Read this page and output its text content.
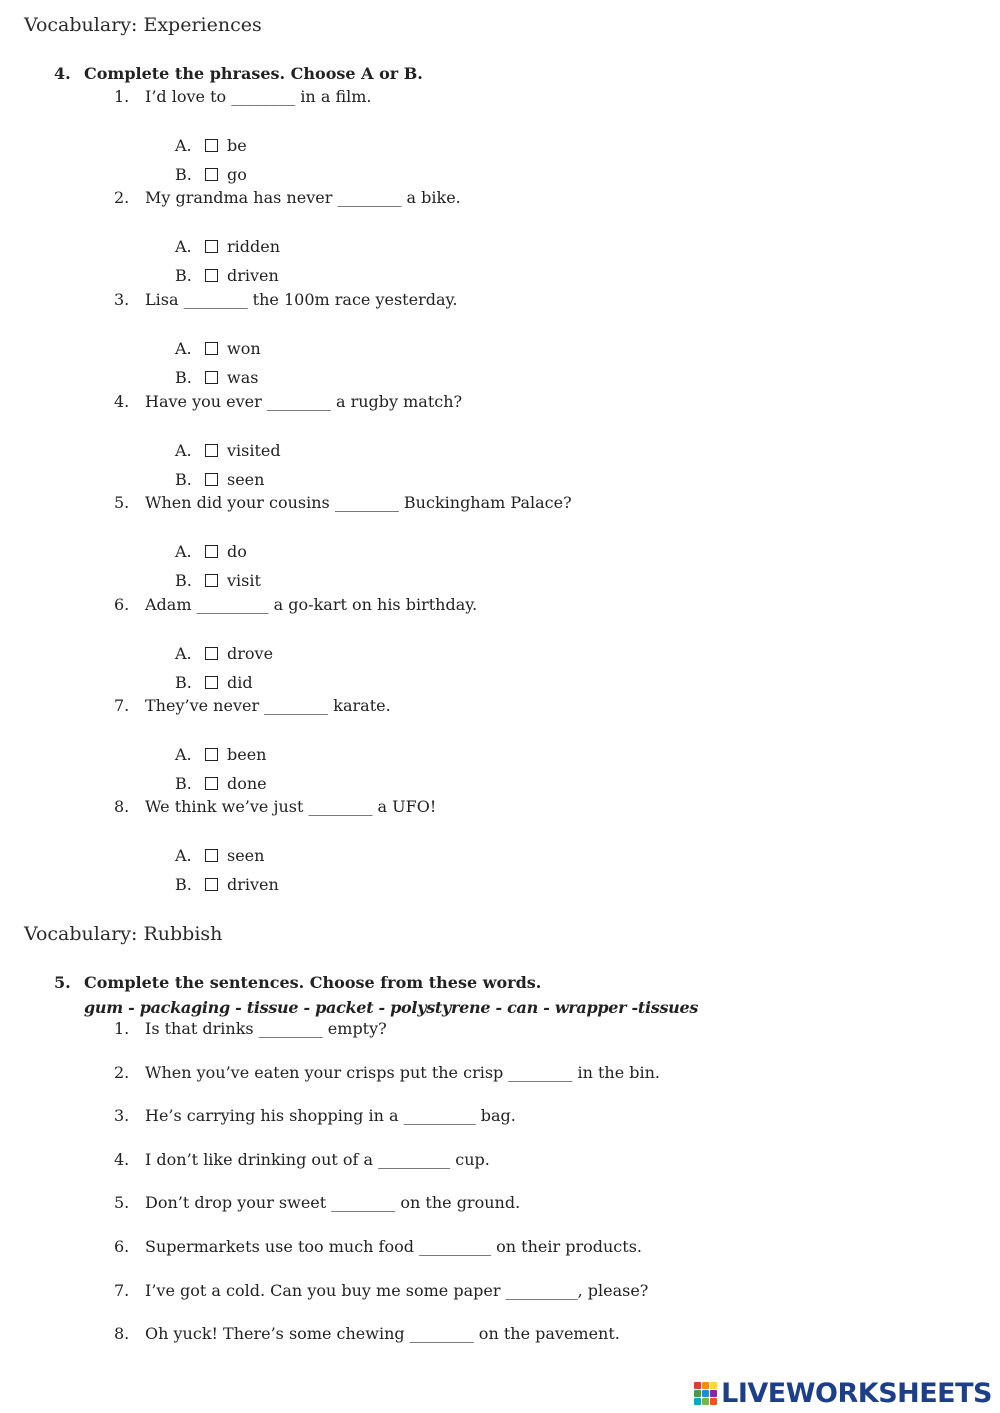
Vocabulary: Experiences
4. Complete the phrases. Choose A or B.
1. I’d love to ________ in a film.
A. be
B. go
2. My grandma has never ________ a bike.
A. ridden
B. driven
3. Lisa ________ the 100m race yesterday.
A. won
B. was
4. Have you ever ________ a rugby match?
A. visited
B. seen
5. When did your cousins ________ Buckingham Palace?
A. do
B. visit
6. Adam _________ a go-kart on his birthday.
A. drove
B. did
7. They’ve never ________ karate.
A. been
B. done
8. We think we’ve just ________ a UFO!
A. seen
B. driven
Vocabulary: Rubbish
5. Complete the sentences. Choose from these words.
gum - packaging - tissue - packet - polystyrene - can - wrapper -tissues
1. Is that drinks ________ empty?
2. When you’ve eaten your crisps put the crisp ________ in the bin.
3. He’s carrying his shopping in a _________ bag.
4. I don’t like drinking out of a _________ cup.
5. Don’t drop your sweet ________ on the ground.
6. Supermarkets use too much food _________ on their products.
7. I’ve got a cold. Can you buy me some paper _________, please?
8. Oh yuck! There’s some chewing ________ on the pavement.
LIVEWORKSHEETS
